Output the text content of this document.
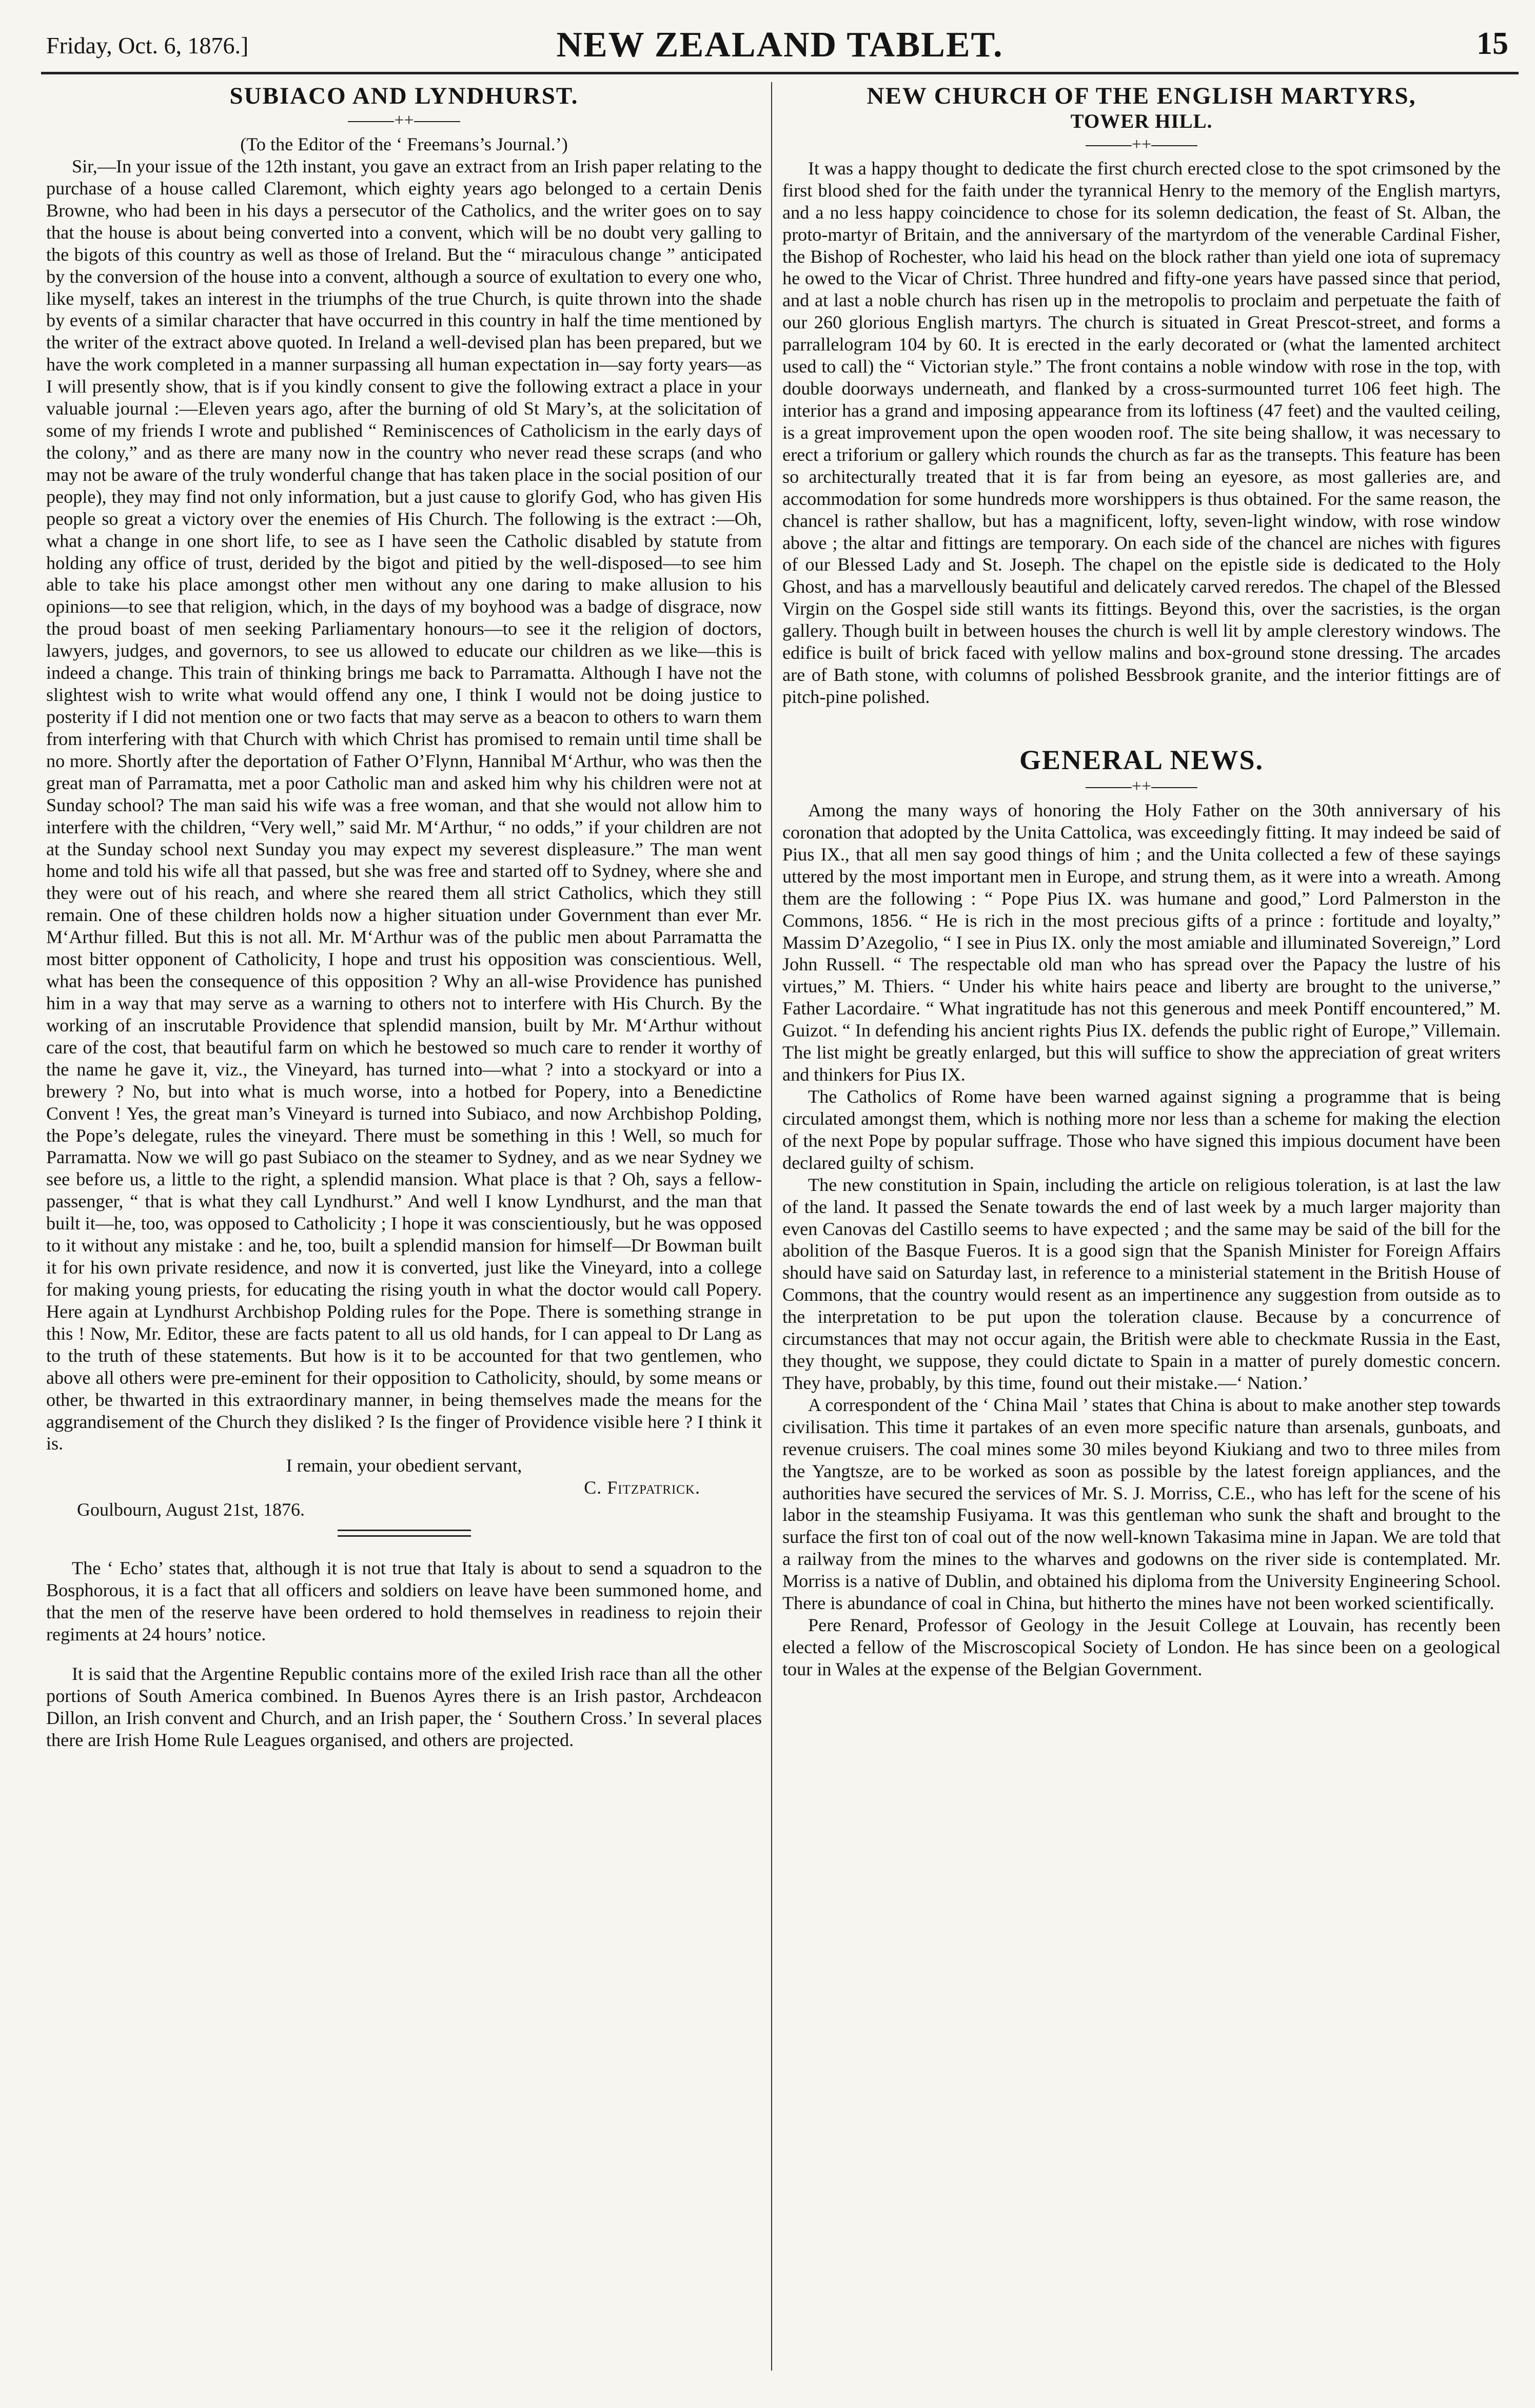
Friday, Oct. 6, 1876.]	NEW ZEALAND TABLET.	15
SUBIACO AND LYNDHURST.
++

(To the Editor of the ‘ Freemans’s Journal.’)

Sir,—In your issue of the 12th instant, you gave an extract from an Irish paper relating to the purchase of a house called Claremont, which eighty years ago belonged to a certain Denis Browne, who had been in his days a persecutor of the Catholics, and the writer goes on to say that the house is about being converted into a convent, which will be no doubt very galling to the bigots of this country as well as those of Ireland. But the “ miraculous change ” anticipated by the conversion of the house into a convent, although a source of exultation to every one who, like myself, takes an interest in the triumphs of the true Church, is quite thrown into the shade by events of a similar character that have occurred in this country in half the time mentioned by the writer of the extract above quoted. In Ireland a well-devised plan has been prepared, but we have the work completed in a manner surpassing all human expectation in—say forty years—as I will presently show, that is if you kindly consent to give the following extract a place in your valuable journal :—Eleven years ago, after the burning of old St Mary’s, at the solicitation of some of my friends I wrote and published “ Reminiscences of Catholicism in the early days of the colony,” and as there are many now in the country who never read these scraps (and who may not be aware of the truly wonderful change that has taken place in the social position of our people), they may find not only information, but a just cause to glorify God, who has given His people so great a victory over the enemies of His Church. The following is the extract :—Oh, what a change in one short life, to see as I have seen the Catholic disabled by statute from holding any office of trust, derided by the bigot and pitied by the well-disposed—to see him able to take his place amongst other men without any one daring to make allusion to his opinions—to see that religion, which, in the days of my boyhood was a badge of disgrace, now the proud boast of men seeking Parliamentary honours—to see it the religion of doctors, lawyers, judges, and governors, to see us allowed to educate our children as we like—this is indeed a change. This train of thinking brings me back to Parramatta. Although I have not the slightest wish to write what would offend any one, I think I would not be doing justice to posterity if I did not mention one or two facts that may serve as a beacon to others to warn them from interfering with that Church with which Christ has promised to remain until time shall be no more. Shortly after the deportation of Father O’Flynn, Hannibal M‘Arthur, who was then the great man of Parramatta, met a poor Catholic man and asked him why his children were not at Sunday school? The man said his wife was a free woman, and that she would not allow him to interfere with the children, “Very well,” said Mr. M‘Arthur, “ no odds,” if your children are not at the Sunday school next Sunday you may expect my severest displeasure.” The man went home and told his wife all that passed, but she was free and started off to Sydney, where she and they were out of his reach, and where she reared them all strict Catholics, which they still remain. One of these children holds now a higher situation under Government than ever Mr. M‘Arthur filled. But this is not all. Mr. M‘Arthur was of the public men about Parramatta the most bitter opponent of Catholicity, I hope and trust his opposition was conscientious. Well, what has been the consequence of this opposition ? Why an all-wise Providence has punished him in a way that may serve as a warning to others not to interfere with His Church. By the working of an inscrutable Providence that splendid mansion, built by Mr. M‘Arthur without care of the cost, that beautiful farm on which he bestowed so much care to render it worthy of the name he gave it, viz., the Vineyard, has turned into—what ? into a stockyard or into a brewery ? No, but into what is much worse, into a hotbed for Popery, into a Benedictine Convent ! Yes, the great man’s Vineyard is turned into Subiaco, and now Archbishop Polding, the Pope’s delegate, rules the vineyard. There must be something in this ! Well, so much for Parramatta. Now we will go past Subiaco on the steamer to Sydney, and as we near Sydney we see before us, a little to the right, a splendid mansion. What place is that ? Oh, says a fellow-passenger, “ that is what they call Lyndhurst.” And well I know Lyndhurst, and the man that built it—he, too, was opposed to Catholicity ; I hope it was conscientiously, but he was opposed to it without any mistake : and he, too, built a splendid mansion for himself—Dr Bowman built it for his own private residence, and now it is converted, just like the Vineyard, into a college for making young priests, for educating the rising youth in what the doctor would call Popery. Here again at Lyndhurst Archbishop Polding rules for the Pope. There is something strange in this ! Now, Mr. Editor, these are facts patent to all us old hands, for I can appeal to Dr Lang as to the truth of these statements. But how is it to be accounted for that two gentlemen, who above all others were pre-eminent for their opposition to Catholicity, should, by some means or other, be thwarted in this extraordinary manner, in being themselves made the means for the aggrandisement of the Church they disliked ? Is the finger of Providence visible here ? I think it is.

I remain, your obedient servant,

C. Fitzpatrick.

Goulbourn, August 21st, 1876.

The ‘ Echo’ states that, although it is not true that Italy is about to send a squadron to the Bosphorous, it is a fact that all officers and soldiers on leave have been summoned home, and that the men of the reserve have been ordered to hold themselves in readiness to rejoin their regiments at 24 hours’ notice.

It is said that the Argentine Republic contains more of the exiled Irish race than all the other portions of South America combined. In Buenos Ayres there is an Irish pastor, Archdeacon Dillon, an Irish convent and Church, and an Irish paper, the ‘ Southern Cross.’ In several places there are Irish Home Rule Leagues organised, and others are projected.

NEW CHURCH OF THE ENGLISH MARTYRS,
TOWER HILL.
++

It was a happy thought to dedicate the first church erected close to the spot crimsoned by the first blood shed for the faith under the tyrannical Henry to the memory of the English martyrs, and a no less happy coincidence to chose for its solemn dedication, the feast of St. Alban, the proto-martyr of Britain, and the anniversary of the martyrdom of the venerable Cardinal Fisher, the Bishop of Rochester, who laid his head on the block rather than yield one iota of supremacy he owed to the Vicar of Christ. Three hundred and fifty-one years have passed since that period, and at last a noble church has risen up in the metropolis to proclaim and perpetuate the faith of our 260 glorious English martyrs. The church is situated in Great Prescot-street, and forms a parrallelogram 104 by 60. It is erected in the early decorated or (what the lamented architect used to call) the “ Victorian style.” The front contains a noble window with rose in the top, with double doorways underneath, and flanked by a cross-surmounted turret 106 feet high. The interior has a grand and imposing appearance from its loftiness (47 feet) and the vaulted ceiling, is a great improvement upon the open wooden roof. The site being shallow, it was necessary to erect a triforium or gallery which rounds the church as far as the transepts. This feature has been so architecturally treated that it is far from being an eyesore, as most galleries are, and accommodation for some hundreds more worshippers is thus obtained. For the same reason, the chancel is rather shallow, but has a magnificent, lofty, seven-light window, with rose window above ; the altar and fittings are temporary. On each side of the chancel are niches with figures of our Blessed Lady and St. Joseph. The chapel on the epistle side is dedicated to the Holy Ghost, and has a marvellously beautiful and delicately carved reredos. The chapel of the Blessed Virgin on the Gospel side still wants its fittings. Beyond this, over the sacristies, is the organ gallery. Though built in between houses the church is well lit by ample clerestory windows. The edifice is built of brick faced with yellow malins and box-ground stone dressing. The arcades are of Bath stone, with columns of polished Bessbrook granite, and the interior fittings are of pitch-pine polished.

GENERAL NEWS.
++

Among the many ways of honoring the Holy Father on the 30th anniversary of his coronation that adopted by the Unita Cattolica, was exceedingly fitting. It may indeed be said of Pius IX., that all men say good things of him ; and the Unita collected a few of these sayings uttered by the most important men in Europe, and strung them, as it were into a wreath. Among them are the following : “ Pope Pius IX. was humane and good,” Lord Palmerston in the Commons, 1856. “ He is rich in the most precious gifts of a prince : fortitude and loyalty,” Massim D’Azegolio, “ I see in Pius IX. only the most amiable and illuminated Sovereign,” Lord John Russell. “ The respectable old man who has spread over the Papacy the lustre of his virtues,” M. Thiers. “ Under his white hairs peace and liberty are brought to the universe,” Father Lacordaire. “ What ingratitude has not this generous and meek Pontiff encountered,” M. Guizot. “ In defending his ancient rights Pius IX. defends the public right of Europe,” Villemain. The list might be greatly enlarged, but this will suffice to show the appreciation of great writers and thinkers for Pius IX.

The Catholics of Rome have been warned against signing a programme that is being circulated amongst them, which is nothing more nor less than a scheme for making the election of the next Pope by popular suffrage. Those who have signed this impious document have been declared guilty of schism.

The new constitution in Spain, including the article on religious toleration, is at last the law of the land. It passed the Senate towards the end of last week by a much larger majority than even Canovas del Castillo seems to have expected ; and the same may be said of the bill for the abolition of the Basque Fueros. It is a good sign that the Spanish Minister for Foreign Affairs should have said on Saturday last, in reference to a ministerial statement in the British House of Commons, that the country would resent as an impertinence any suggestion from outside as to the interpretation to be put upon the toleration clause. Because by a concurrence of circumstances that may not occur again, the British were able to checkmate Russia in the East, they thought, we suppose, they could dictate to Spain in a matter of purely domestic concern. They have, probably, by this time, found out their mistake.—‘ Nation.’

A correspondent of the ‘ China Mail ’ states that China is about to make another step towards civilisation. This time it partakes of an even more specific nature than arsenals, gunboats, and revenue cruisers. The coal mines some 30 miles beyond Kiukiang and two to three miles from the Yangtsze, are to be worked as soon as possible by the latest foreign appliances, and the authorities have secured the services of Mr. S. J. Morriss, C.E., who has left for the scene of his labor in the steamship Fusiyama. It was this gentleman who sunk the shaft and brought to the surface the first ton of coal out of the now well-known Takasima mine in Japan. We are told that a railway from the mines to the wharves and godowns on the river side is contemplated. Mr. Morriss is a native of Dublin, and obtained his diploma from the University Engineering School. There is abundance of coal in China, but hitherto the mines have not been worked scientifically.

Pere Renard, Professor of Geology in the Jesuit College at Louvain, has recently been elected a fellow of the Miscroscopical Society of London. He has since been on a geological tour in Wales at the expense of the Belgian Government.
